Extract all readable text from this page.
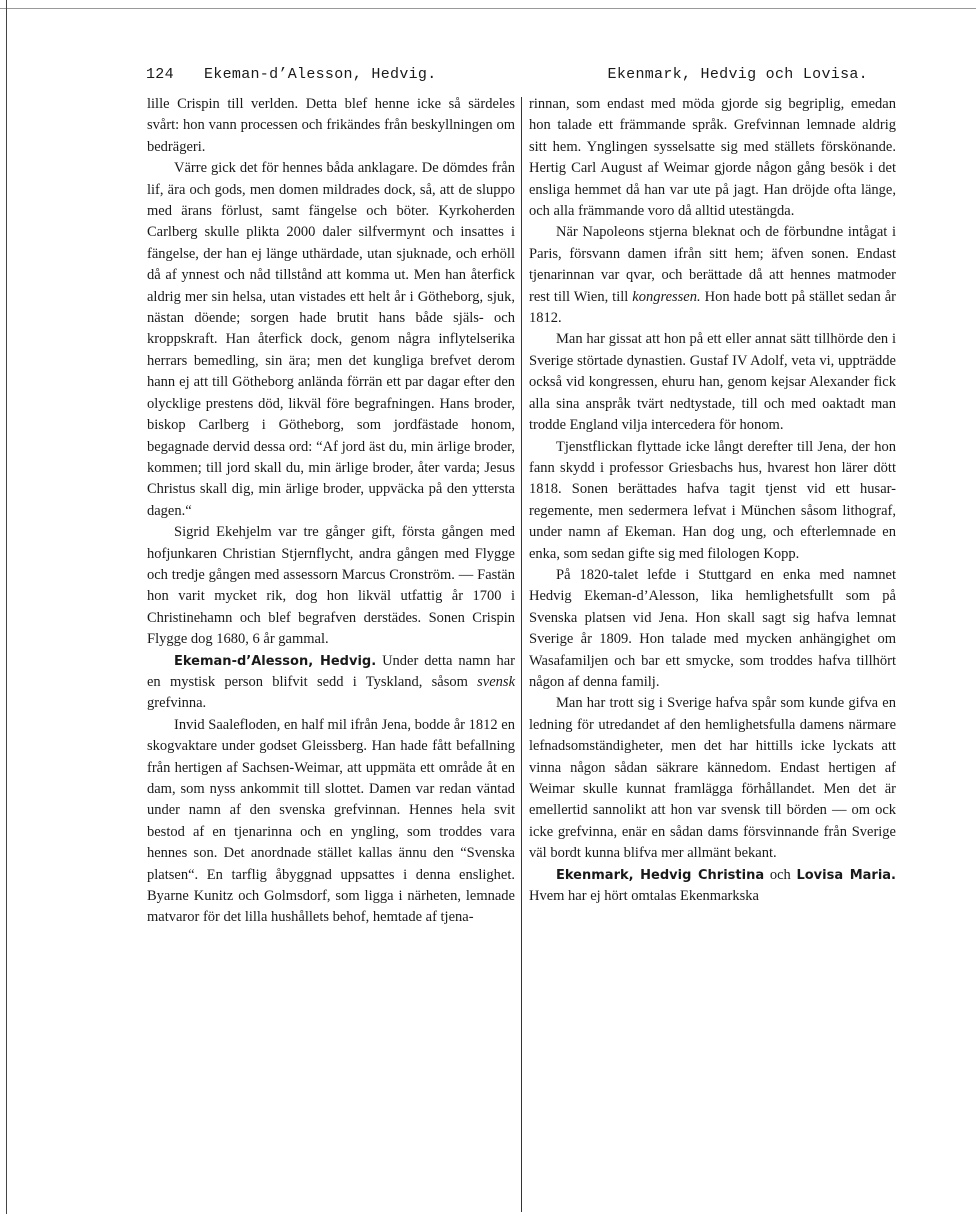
124 Ekeman-d’Alesson, Hedvig.	Ekenmark, Hedvig och Lovisa.

lille Crispin till verlden. Detta blef henne icke så särdeles svårt: hon vann processen och frikändes från beskyllningen om bedrägeri.

Värre gick det för hennes båda anklagare. De dömdes från lif, ära och gods, men domen mildrades dock, så, att de sluppo med ärans förlust, samt fängelse och böter. Kyrkoherden Carlberg skulle plikta 2000 daler silfvermynt och insattes i fängelse, der han ej länge uthärdade, utan sjuknade, och erhöll då af ynnest och nåd tillstånd att komma ut. Men han återfick aldrig mer sin helsa, utan vistades ett helt år i Götheborg, sjuk, nästan döende; sorgen hade brutit hans både själs- och kroppskraft. Han återfick dock, genom några inflytelserika herrars bemedling, sin ära; men det kungliga brefvet derom hann ej att till Götheborg anlända förrän ett par dagar efter den olycklige prestens död, likväl före begrafningen. Hans broder, biskop Carlberg i Götheborg, som jordfästade honom, begagnade dervid dessa ord: “Af jord äst du, min ärlige broder, kommen; till jord skall du, min ärlige broder, åter varda; Jesus Christus skall dig, min ärlige broder, uppväcka på den yttersta dagen.“

Sigrid Ekehjelm var tre gånger gift, första gången med hofjunkaren Christian Stjernflycht, andra gången med Flygge och tredje gången med assessorn Marcus Cronström. — Fastän hon varit mycket rik, dog hon likväl utfattig år 1700 i Christinehamn och blef begrafven derstädes. Sonen Crispin Flygge dog 1680, 6 år gammal.

Ekeman-d’Alesson, Hedvig. Under detta namn har en mystisk person blifvit sedd i Tyskland, såsom svensk grefvinna.

Invid Saalefloden, en half mil ifrån Jena, bodde år 1812 en skogvaktare under godset Gleissberg. Han hade fått befallning från hertigen af Sachsen-Weimar, att uppmäta ett område åt en dam, som nyss ankommit till slottet. Damen var redan väntad under namn af den svenska grefvinnan. Hennes hela svit bestod af en tjenarinna och en yngling, som troddes vara hennes son. Det anordnade stället kallas ännu den “Svenska platsen“. En tarflig åbyggnad uppsattes i denna enslighet. Byarne Kunitz och Golmsdorf, som ligga i närheten, lemnade matvaror för det lilla hushållets behof, hemtade af tjena-

rinnan, som endast med möda gjorde sig begriplig, emedan hon talade ett främmande språk. Grefvinnan lemnade aldrig sitt hem. Ynglingen sysselsatte sig med ställets förskönande. Hertig Carl August af Weimar gjorde någon gång besök i det ensliga hemmet då han var ute på jagt. Han dröjde ofta länge, och alla främmande voro då alltid utestängda.

När Napoleons stjerna bleknat och de förbundne intågat i Paris, försvann damen ifrån sitt hem; äfven sonen. Endast tjenarinnan var qvar, och berättade då att hennes matmoder rest till Wien, till kongressen. Hon hade bott på stället sedan år 1812.

Man har gissat att hon på ett eller annat sätt tillhörde den i Sverige störtade dynastien. Gustaf IV Adolf, veta vi, uppträdde också vid kongressen, ehuru han, genom kejsar Alexander fick alla sina anspråk tvärt nedtystade, till och med oaktadt man trodde England vilja intercedera för honom.

Tjenstflickan flyttade icke långt derefter till Jena, der hon fann skydd i professor Griesbachs hus, hvarest hon lärer dött 1818. Sonen berättades hafva tagit tjenst vid ett husar-regemente, men sedermera lefvat i München såsom lithograf, under namn af Ekeman. Han dog ung, och efterlemnade en enka, som sedan gifte sig med filologen Kopp.

På 1820-talet lefde i Stuttgard en enka med namnet Hedvig Ekeman-d’Alesson, lika hemlighetsfullt som på Svenska platsen vid Jena. Hon skall sagt sig hafva lemnat Sverige år 1809. Hon talade med mycken anhängighet om Wasafamiljen och bar ett smycke, som troddes hafva tillhört någon af denna familj.

Man har trott sig i Sverige hafva spår som kunde gifva en ledning för utredandet af den hemlighetsfulla damens närmare lefnadsomständigheter, men det har hittills icke lyckats att vinna någon sådan säkrare kännedom. Endast hertigen af Weimar skulle kunnat framlägga förhållandet. Men det är emellertid sannolikt att hon var svensk till börden — om ock icke grefvinna, enär en sådan dams försvinnande från Sverige väl bordt kunna blifva mer allmänt bekant.

Ekenmark, Hedvig Christina och Lovisa Maria. Hvem har ej hört omtalas Ekenmarkska
